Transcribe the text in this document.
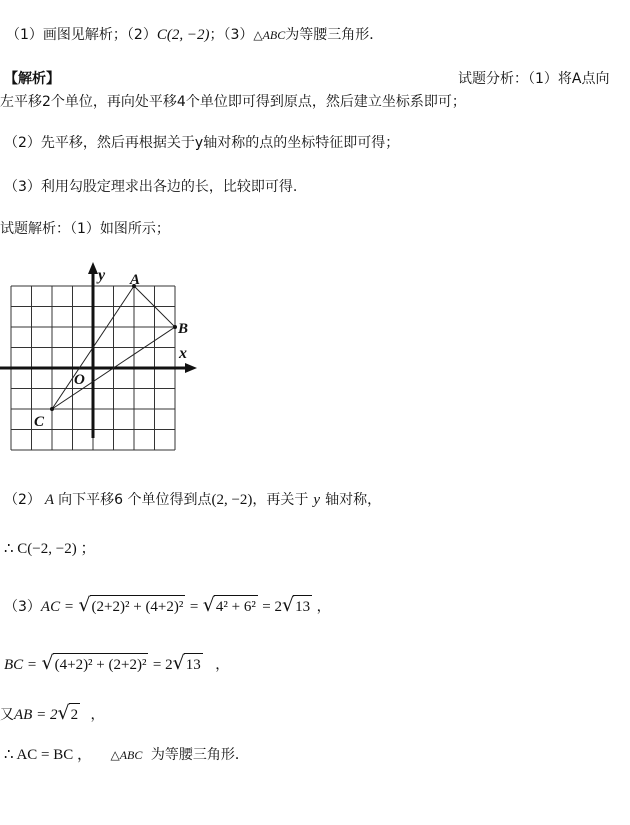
（1）画图见解析；（2）C(2, −2)；（3）△ABC为等腰三角形．
【解析】	试题分析：（1）将A点向
左平移2个单位，再向处平移4个单位即可得到原点，然后建立坐标系即可；
（2）先平移，然后再根据关于y轴对称的点的坐标特征即可得；
（3）利用勾股定理求出各边的长，比较即可得.
试题解析：（1）如图所示；
y
x
O
A
B
C
（2） A 向下平移6 个单位得到点(2, −2)，再关于 y 轴对称，
∴ C(−2, −2) ；
（3）AC = √(2+2)² + (4+2)² = √4² + 6² = 2√13 ，
BC = √(4+2)² + (2+2)² = 2√13 ，
又AB = 2√2 ，
∴ AC = BC ， △ABC 为等腰三角形．
